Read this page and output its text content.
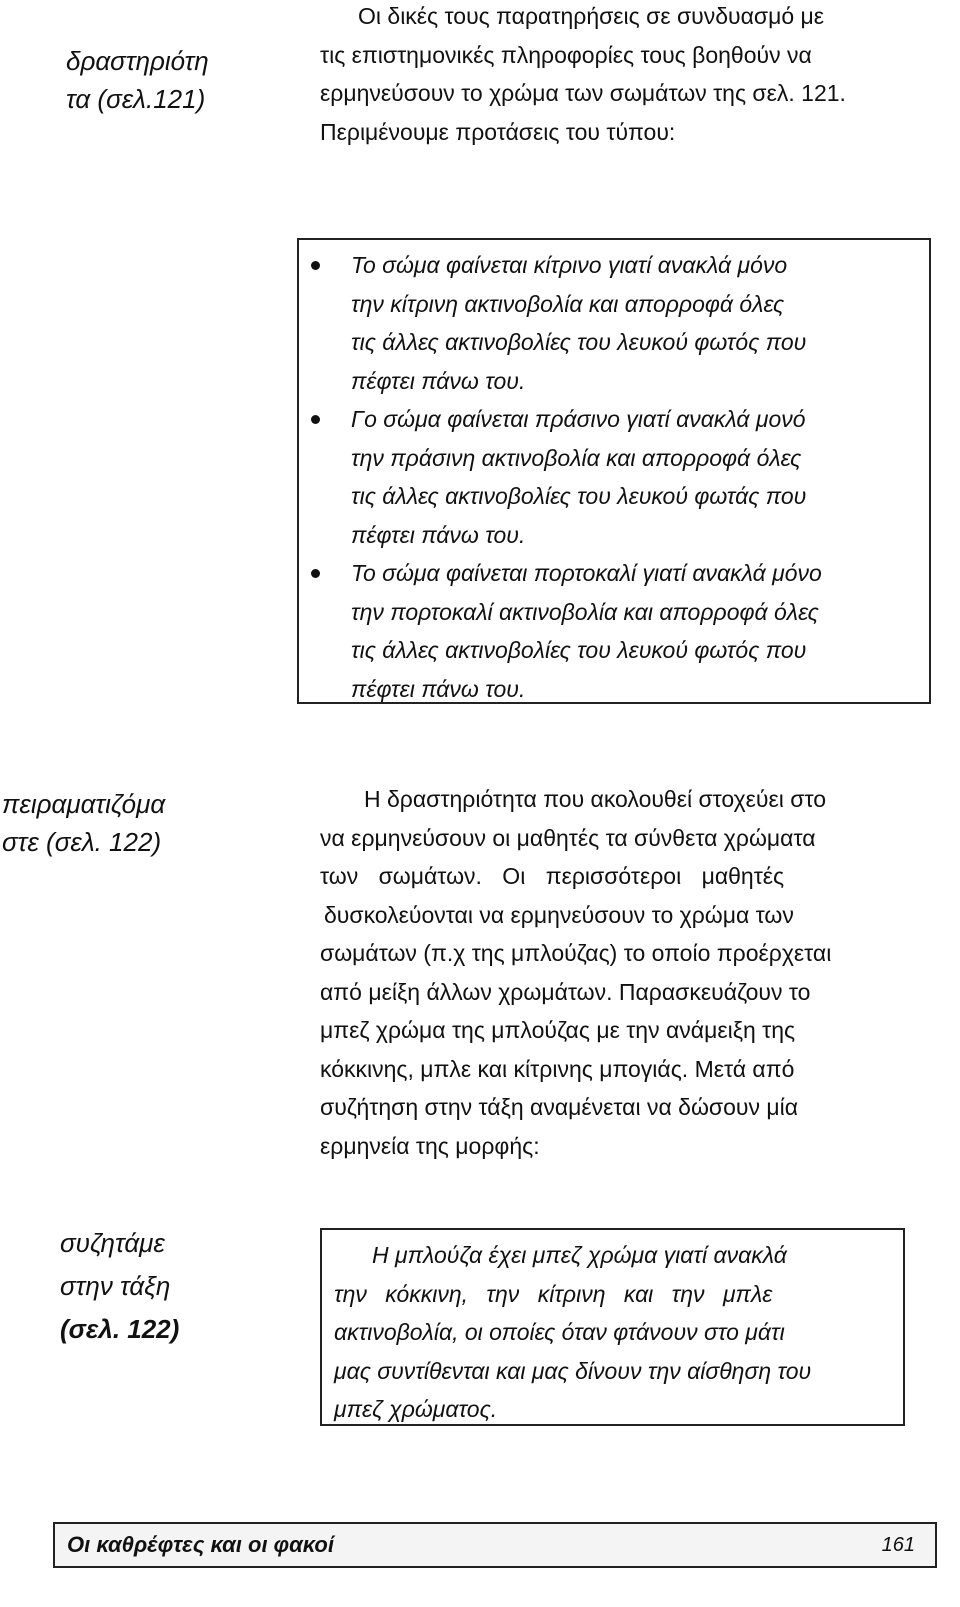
δραστηριότη
τα (σελ.121)
Οι δικές τους παρατηρήσεις σε συνδυασμό με
τις επιστημονικές πληροφορίες τους βοηθούν να
ερμηνεύσουν το χρώμα των σωμάτων της σελ. 121.
Περιμένουμε προτάσεις του τύπου:
Το σώμα φαίνεται κίτρινο γιατί ανακλά μόνο
την κίτρινη ακτινοβολία και απορροφά όλες
τις άλλες ακτινοβολίες του λευκού φωτός που
πέφτει πάνω του.
Γο σώμα φαίνεται πράσινο γιατί ανακλά μονό
την πράσινη ακτινοβολία και απορροφά όλες
τις άλλες ακτινοβολίες του λευκού φωτάς που
πέφτει πάνω του.
Το σώμα φαίνεται πορτοκαλί γιατί ανακλά μόνο
την πορτοκαλί ακτινοβολία και απορροφά όλες
τις άλλες ακτινοβολίες του λευκού φωτός που
πέφτει πάνω του.
πειραματιζόμα
στε (σελ. 122)
Η δραστηριότητα που ακολουθεί στοχεύει στο
να ερμηνεύσουν οι μαθητές τα σύνθετα χρώματα
των σωμάτων. Οι περισσότεροι μαθητές
δυσκολεύονται να ερμηνεύσουν το χρώμα των
σωμάτων (π.χ της μπλούζας) το οποίο προέρχεται
από μείξη άλλων χρωμάτων. Παρασκευάζουν το
μπεζ χρώμα της μπλούζας με την ανάμειξη της
κόκκινης, μπλε και κίτρινης μπογιάς. Μετά από
συζήτηση στην τάξη αναμένεται να δώσουν μία
ερμηνεία της μορφής:
συζητάμε
στην τάξη
(σελ. 122)
Η μπλούζα έχει μπεζ χρώμα γιατί ανακλά
την κόκκινη, την κίτρινη και την μπλε
ακτινοβολία, οι οποίες όταν φτάνουν στο μάτι
μας συντίθενται και μας δίνουν την αίσθηση του
μπεζ χρώματος.
Οι καθρέφτες και οι φακοί	161
